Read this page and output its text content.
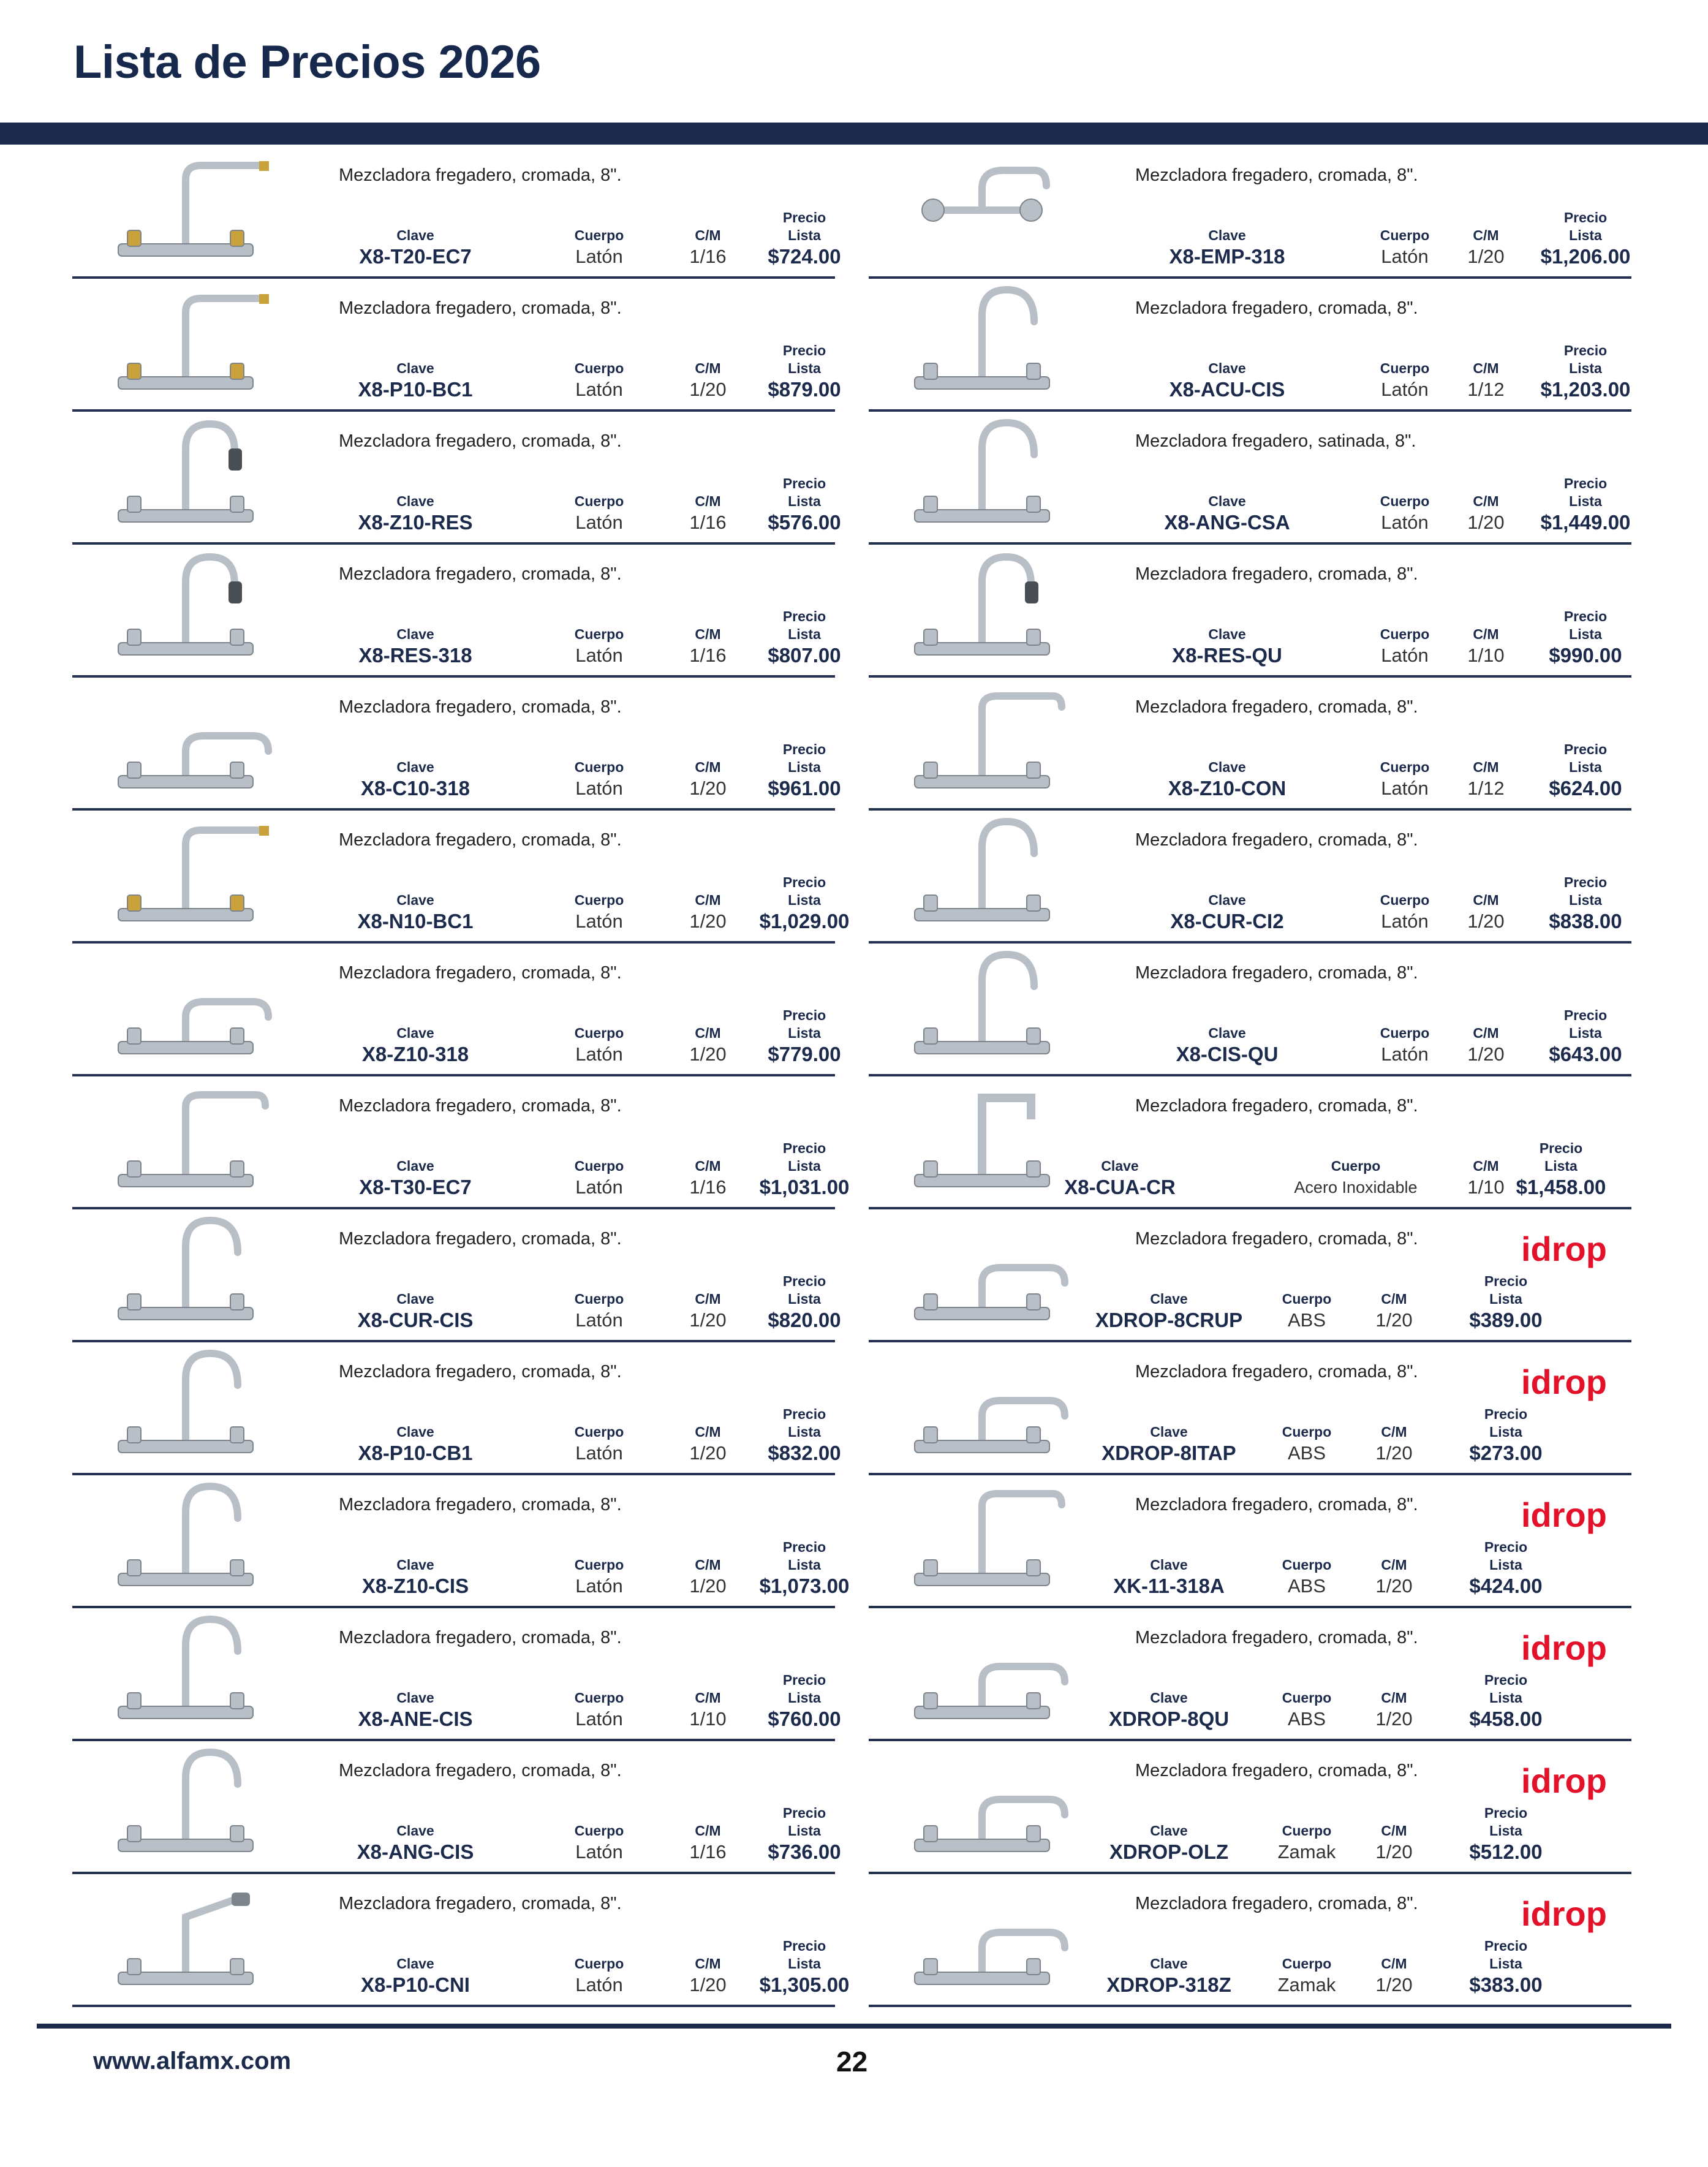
Lista de Precios 2026
www.alfamx.com	22
Mezcladora fregadero, cromada, 8".
Clave
X8-T20-EC7
Cuerpo
Latón
C/M
1/16
Precio
Lista
$724.00
Mezcladora fregadero, cromada, 8".
Clave
X8-P10-BC1
Cuerpo
Latón
C/M
1/20
Precio
Lista
$879.00
Mezcladora fregadero, cromada, 8".
Clave
X8-Z10-RES
Cuerpo
Latón
C/M
1/16
Precio
Lista
$576.00
Mezcladora fregadero, cromada, 8".
Clave
X8-RES-318
Cuerpo
Latón
C/M
1/16
Precio
Lista
$807.00
Mezcladora fregadero, cromada, 8".
Clave
X8-C10-318
Cuerpo
Latón
C/M
1/20
Precio
Lista
$961.00
Mezcladora fregadero, cromada, 8".
Clave
X8-N10-BC1
Cuerpo
Latón
C/M
1/20
Precio
Lista
$1,029.00
Mezcladora fregadero, cromada, 8".
Clave
X8-Z10-318
Cuerpo
Latón
C/M
1/20
Precio
Lista
$779.00
Mezcladora fregadero, cromada, 8".
Clave
X8-T30-EC7
Cuerpo
Latón
C/M
1/16
Precio
Lista
$1,031.00
Mezcladora fregadero, cromada, 8".
Clave
X8-CUR-CIS
Cuerpo
Latón
C/M
1/20
Precio
Lista
$820.00
Mezcladora fregadero, cromada, 8".
Clave
X8-P10-CB1
Cuerpo
Latón
C/M
1/20
Precio
Lista
$832.00
Mezcladora fregadero, cromada, 8".
Clave
X8-Z10-CIS
Cuerpo
Latón
C/M
1/20
Precio
Lista
$1,073.00
Mezcladora fregadero, cromada, 8".
Clave
X8-ANE-CIS
Cuerpo
Latón
C/M
1/10
Precio
Lista
$760.00
Mezcladora fregadero, cromada, 8".
Clave
X8-ANG-CIS
Cuerpo
Latón
C/M
1/16
Precio
Lista
$736.00
Mezcladora fregadero, cromada, 8".
Clave
X8-P10-CNI
Cuerpo
Latón
C/M
1/20
Precio
Lista
$1,305.00
Mezcladora fregadero, cromada, 8".
Clave
X8-EMP-318
Cuerpo
Latón
C/M
1/20
Precio
Lista
$1,206.00
Mezcladora fregadero, cromada, 8".
Clave
X8-ACU-CIS
Cuerpo
Latón
C/M
1/12
Precio
Lista
$1,203.00
Mezcladora fregadero, satinada, 8".
Clave
X8-ANG-CSA
Cuerpo
Latón
C/M
1/20
Precio
Lista
$1,449.00
Mezcladora fregadero, cromada, 8".
Clave
X8-RES-QU
Cuerpo
Latón
C/M
1/10
Precio
Lista
$990.00
Mezcladora fregadero, cromada, 8".
Clave
X8-Z10-CON
Cuerpo
Latón
C/M
1/12
Precio
Lista
$624.00
Mezcladora fregadero, cromada, 8".
Clave
X8-CUR-CI2
Cuerpo
Latón
C/M
1/20
Precio
Lista
$838.00
Mezcladora fregadero, cromada, 8".
Clave
X8-CIS-QU
Cuerpo
Latón
C/M
1/20
Precio
Lista
$643.00
Mezcladora fregadero, cromada, 8".
Clave
X8-CUA-CR
Cuerpo
Acero Inoxidable
C/M
1/10
Precio
Lista
$1,458.00
Mezcladora fregadero, cromada, 8".
Clave
XDROP-8CRUP
Cuerpo
ABS
C/M
1/20
Precio
Lista
$389.00
idrop
Mezcladora fregadero, cromada, 8".
Clave
XDROP-8ITAP
Cuerpo
ABS
C/M
1/20
Precio
Lista
$273.00
idrop
Mezcladora fregadero, cromada, 8".
Clave
XK-11-318A
Cuerpo
ABS
C/M
1/20
Precio
Lista
$424.00
idrop
Mezcladora fregadero, cromada, 8".
Clave
XDROP-8QU
Cuerpo
ABS
C/M
1/20
Precio
Lista
$458.00
idrop
Mezcladora fregadero, cromada, 8".
Clave
XDROP-OLZ
Cuerpo
Zamak
C/M
1/20
Precio
Lista
$512.00
idrop
Mezcladora fregadero, cromada, 8".
Clave
XDROP-318Z
Cuerpo
Zamak
C/M
1/20
Precio
Lista
$383.00
idrop
